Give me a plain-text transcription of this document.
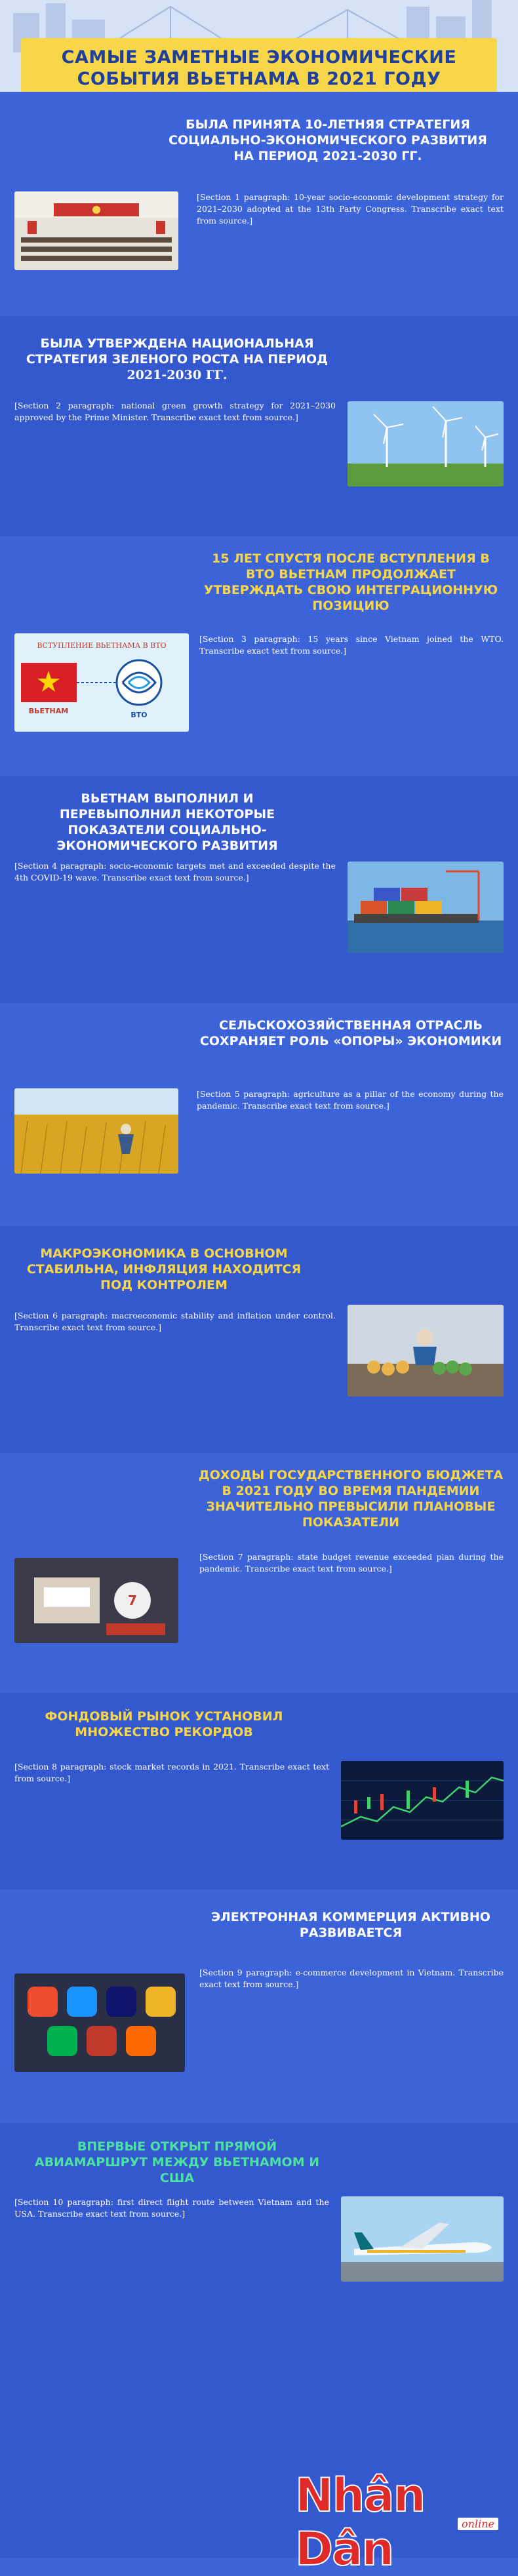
САМЫЕ ЗАМЕТНЫЕ ЭКОНОМИЧЕСКИЕ СОБЫТИЯ ВЬЕТНАМА В 2021 ГОДУ
БЫЛА ПРИНЯТА 10-ЛЕТНЯЯ СТРАТЕГИЯ СОЦИАЛЬНО-ЭКОНОМИЧЕСКОГО РАЗВИТИЯ НА ПЕРИОД 2021-2030 ГГ.
[Section 1 paragraph: 10-year socio-economic development strategy for 2021–2030 adopted at the 13th Party Congress. Transcribe exact text from source.]
БЫЛА УТВЕРЖДЕНА НАЦИОНАЛЬНАЯ СТРАТЕГИЯ ЗЕЛЕНОГО РОСТА НА ПЕРИОД
2021-2030 ГГ.
[Section 2 paragraph: national green growth strategy for 2021–2030 approved by the Prime Minister. Transcribe exact text from source.]
15 ЛЕТ СПУСТЯ ПОСЛЕ ВСТУПЛЕНИЯ В ВТО ВЬЕТНАМ ПРОДОЛЖАЕТ УТВЕРЖДАТЬ СВОЮ ИНТЕГРАЦИОННУЮ ПОЗИЦИЮ
ВСТУПЛЕНИЕ ВЬЕТНАМА В ВТО
ВЬЕТНАМ	ВТО
[Section 3 paragraph: 15 years since Vietnam joined the WTO. Transcribe exact text from source.]
ВЬЕТНАМ ВЫПОЛНИЛ И ПЕРЕВЫПОЛНИЛ НЕКОТОРЫЕ ПОКАЗАТЕЛИ СОЦИАЛЬНО-ЭКОНОМИЧЕСКОГО РАЗВИТИЯ
[Section 4 paragraph: socio-economic targets met and exceeded despite the 4th COVID-19 wave. Transcribe exact text from source.]
СЕЛЬСКОХОЗЯЙСТВЕННАЯ ОТРАСЛЬ СОХРАНЯЕТ РОЛЬ «ОПОРЫ» ЭКОНОМИКИ
[Section 5 paragraph: agriculture as a pillar of the economy during the pandemic. Transcribe exact text from source.]
МАКРОЭКОНОМИКА В ОСНОВНОМ СТАБИЛЬНА, ИНФЛЯЦИЯ НАХОДИТСЯ ПОД КОНТРОЛЕМ
[Section 6 paragraph: macroeconomic stability and inflation under control. Transcribe exact text from source.]
ДОХОДЫ ГОСУДАРСТВЕННОГО БЮДЖЕТА В 2021 ГОДУ ВО ВРЕМЯ ПАНДЕМИИ ЗНАЧИТЕЛЬНО ПРЕВЫСИЛИ ПЛАНОВЫЕ ПОКАЗАТЕЛИ
7
[Section 7 paragraph: state budget revenue exceeded plan during the pandemic. Transcribe exact text from source.]
ФОНДОВЫЙ РЫНОК УСТАНОВИЛ МНОЖЕСТВО РЕКОРДОВ
[Section 8 paragraph: stock market records in 2021. Transcribe exact text from source.]
ЭЛЕКТРОННАЯ КОММЕРЦИЯ АКТИВНО РАЗВИВАЕТСЯ
[Section 9 paragraph: e-commerce development in Vietnam. Transcribe exact text from source.]
ВПЕРВЫЕ ОТКРЫТ ПРЯМОЙ АВИАМАРШРУТ МЕЖДУ ВЬЕТНАМОМ И США
[Section 10 paragraph: first direct flight route between Vietnam and the USA. Transcribe exact text from source.]
Nhân Dân	online
